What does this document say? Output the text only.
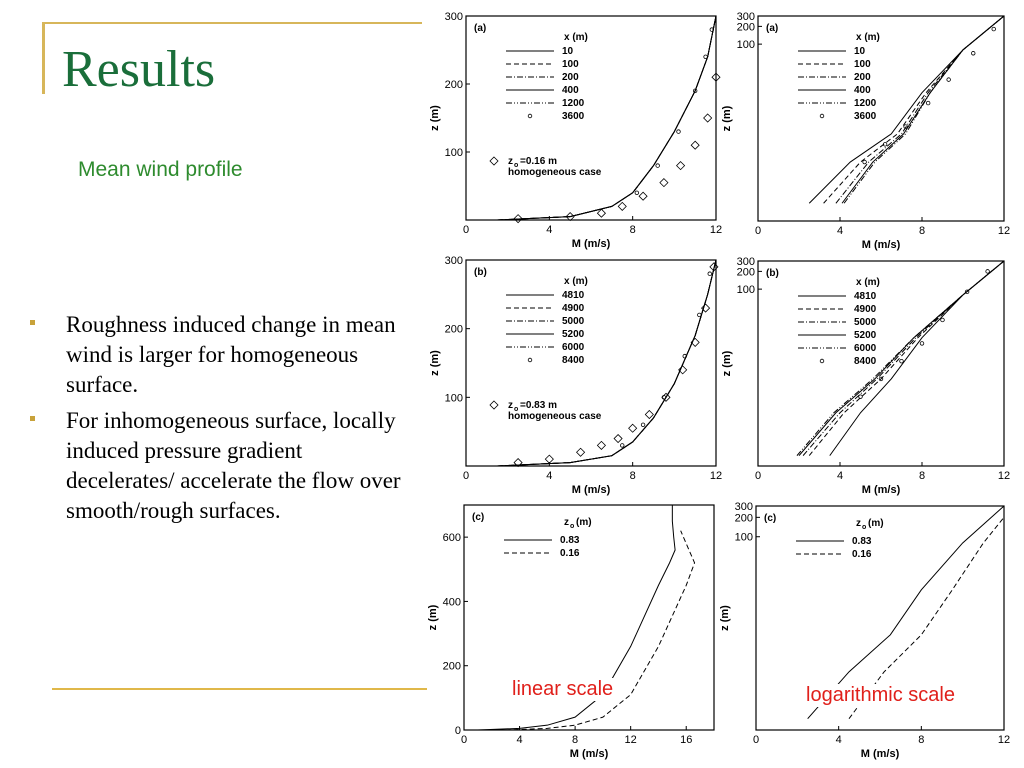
Results
Mean wind profile
Roughness induced change in mean wind is larger for homogeneous surface.
For inhomogeneous surface, locally induced pressure gradient decelerates/ accelerate the flow over smooth/rough surfaces.
0	4	8	12
100
200
300
M (m/s)
z (m)
(a)
x (m)
10
100
200
400
1200
3600
z o =0.16 m
homogeneous case
0	4	8	12
100
200
300
M (m/s)
z (m)
(a)
x (m)
10
100
200
400
1200
3600
0	4	8	12
100
200
300
M (m/s)
z (m)
(b)
x (m)
4810
4900
5000
5200
6000
8400
z o =0.83 m
homogeneous case
0	4	8	12
100
200
300
M (m/s)
z (m)
(b)
x (m)
4810
4900
5000
5200
6000
8400
0	4	8	12	16
0
200
400
600
M (m/s)
z (m)
(c)	z o (m)
0.83
0.16
0	4	8	12
100
200
300
M (m/s)
z (m)
(c)	z o (m)
0.83
0.16
linear scale	logarithmic scale
